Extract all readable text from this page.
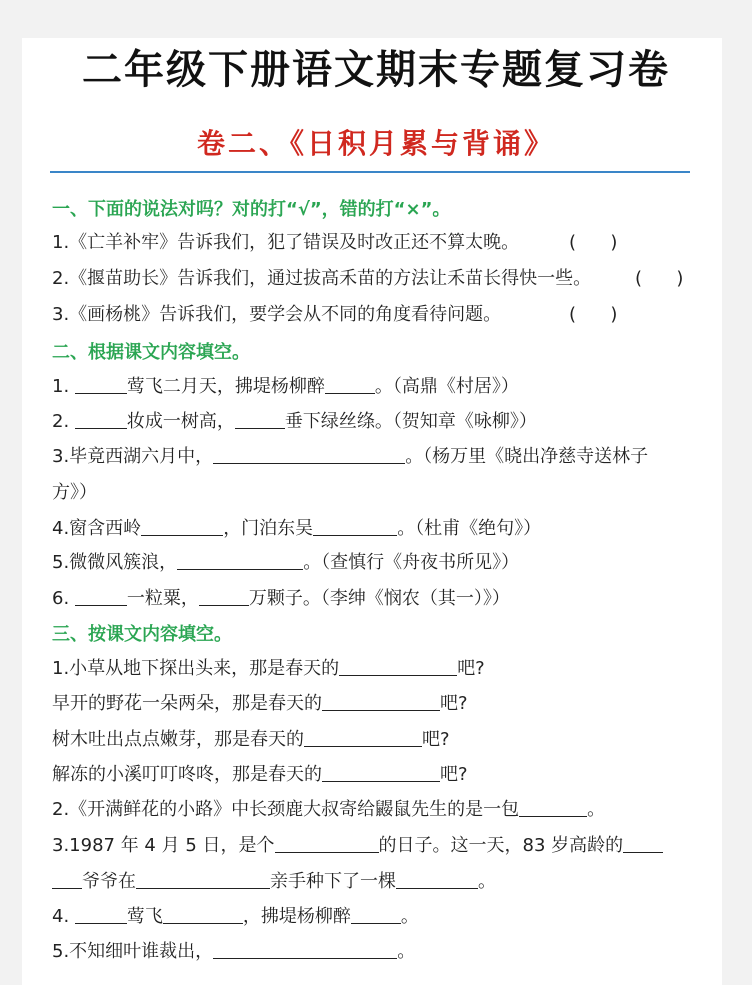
二年级下册语文期末专题复习卷
卷二、《日积月累与背诵》
一、下面的说法对吗？对的打“√”，错的打“×”。
1.《亡羊补牢》告诉我们，犯了错误及时改正还不算太晚。	(      )
2.《揠苗助长》告诉我们，通过拔高禾苗的方法让禾苗长得快一些。 (      )
3.《画杨桃》告诉我们，要学会从不同的角度看待问题。	(      )
二、根据课文内容填空。
1.	莺飞二月天，拂堤杨柳醉	。（高鼎《村居》）
2.	妆成一树高，	垂下绿丝绦。（贺知章《咏柳》）
3.毕竟西湖六月中，	。（杨万里《晓出净慈寺送林子
方》）
4.窗含西岭	，门泊东吴	。（杜甫《绝句》）
5.微微风簇浪，	。（查慎行《舟夜书所见》）
6.	一粒粟，	万颗子。（李绅《悯农（其一）》）
三、按课文内容填空。
1.小草从地下探出头来，那是春天的	吧?
早开的野花一朵两朵，那是春天的	吧?
树木吐出点点嫩芽，那是春天的	吧?
解冻的小溪叮叮咚咚，那是春天的	吧?
2.《开满鲜花的小路》中长颈鹿大叔寄给鼹鼠先生的是一包	。
3.1987 年 4 月 5 日，是个	的日子。这一天，83 岁高龄的
爷爷在	亲手种下了一棵	。
4.	莺飞	，拂堤杨柳醉	。
5.不知细叶谁裁出，	。
